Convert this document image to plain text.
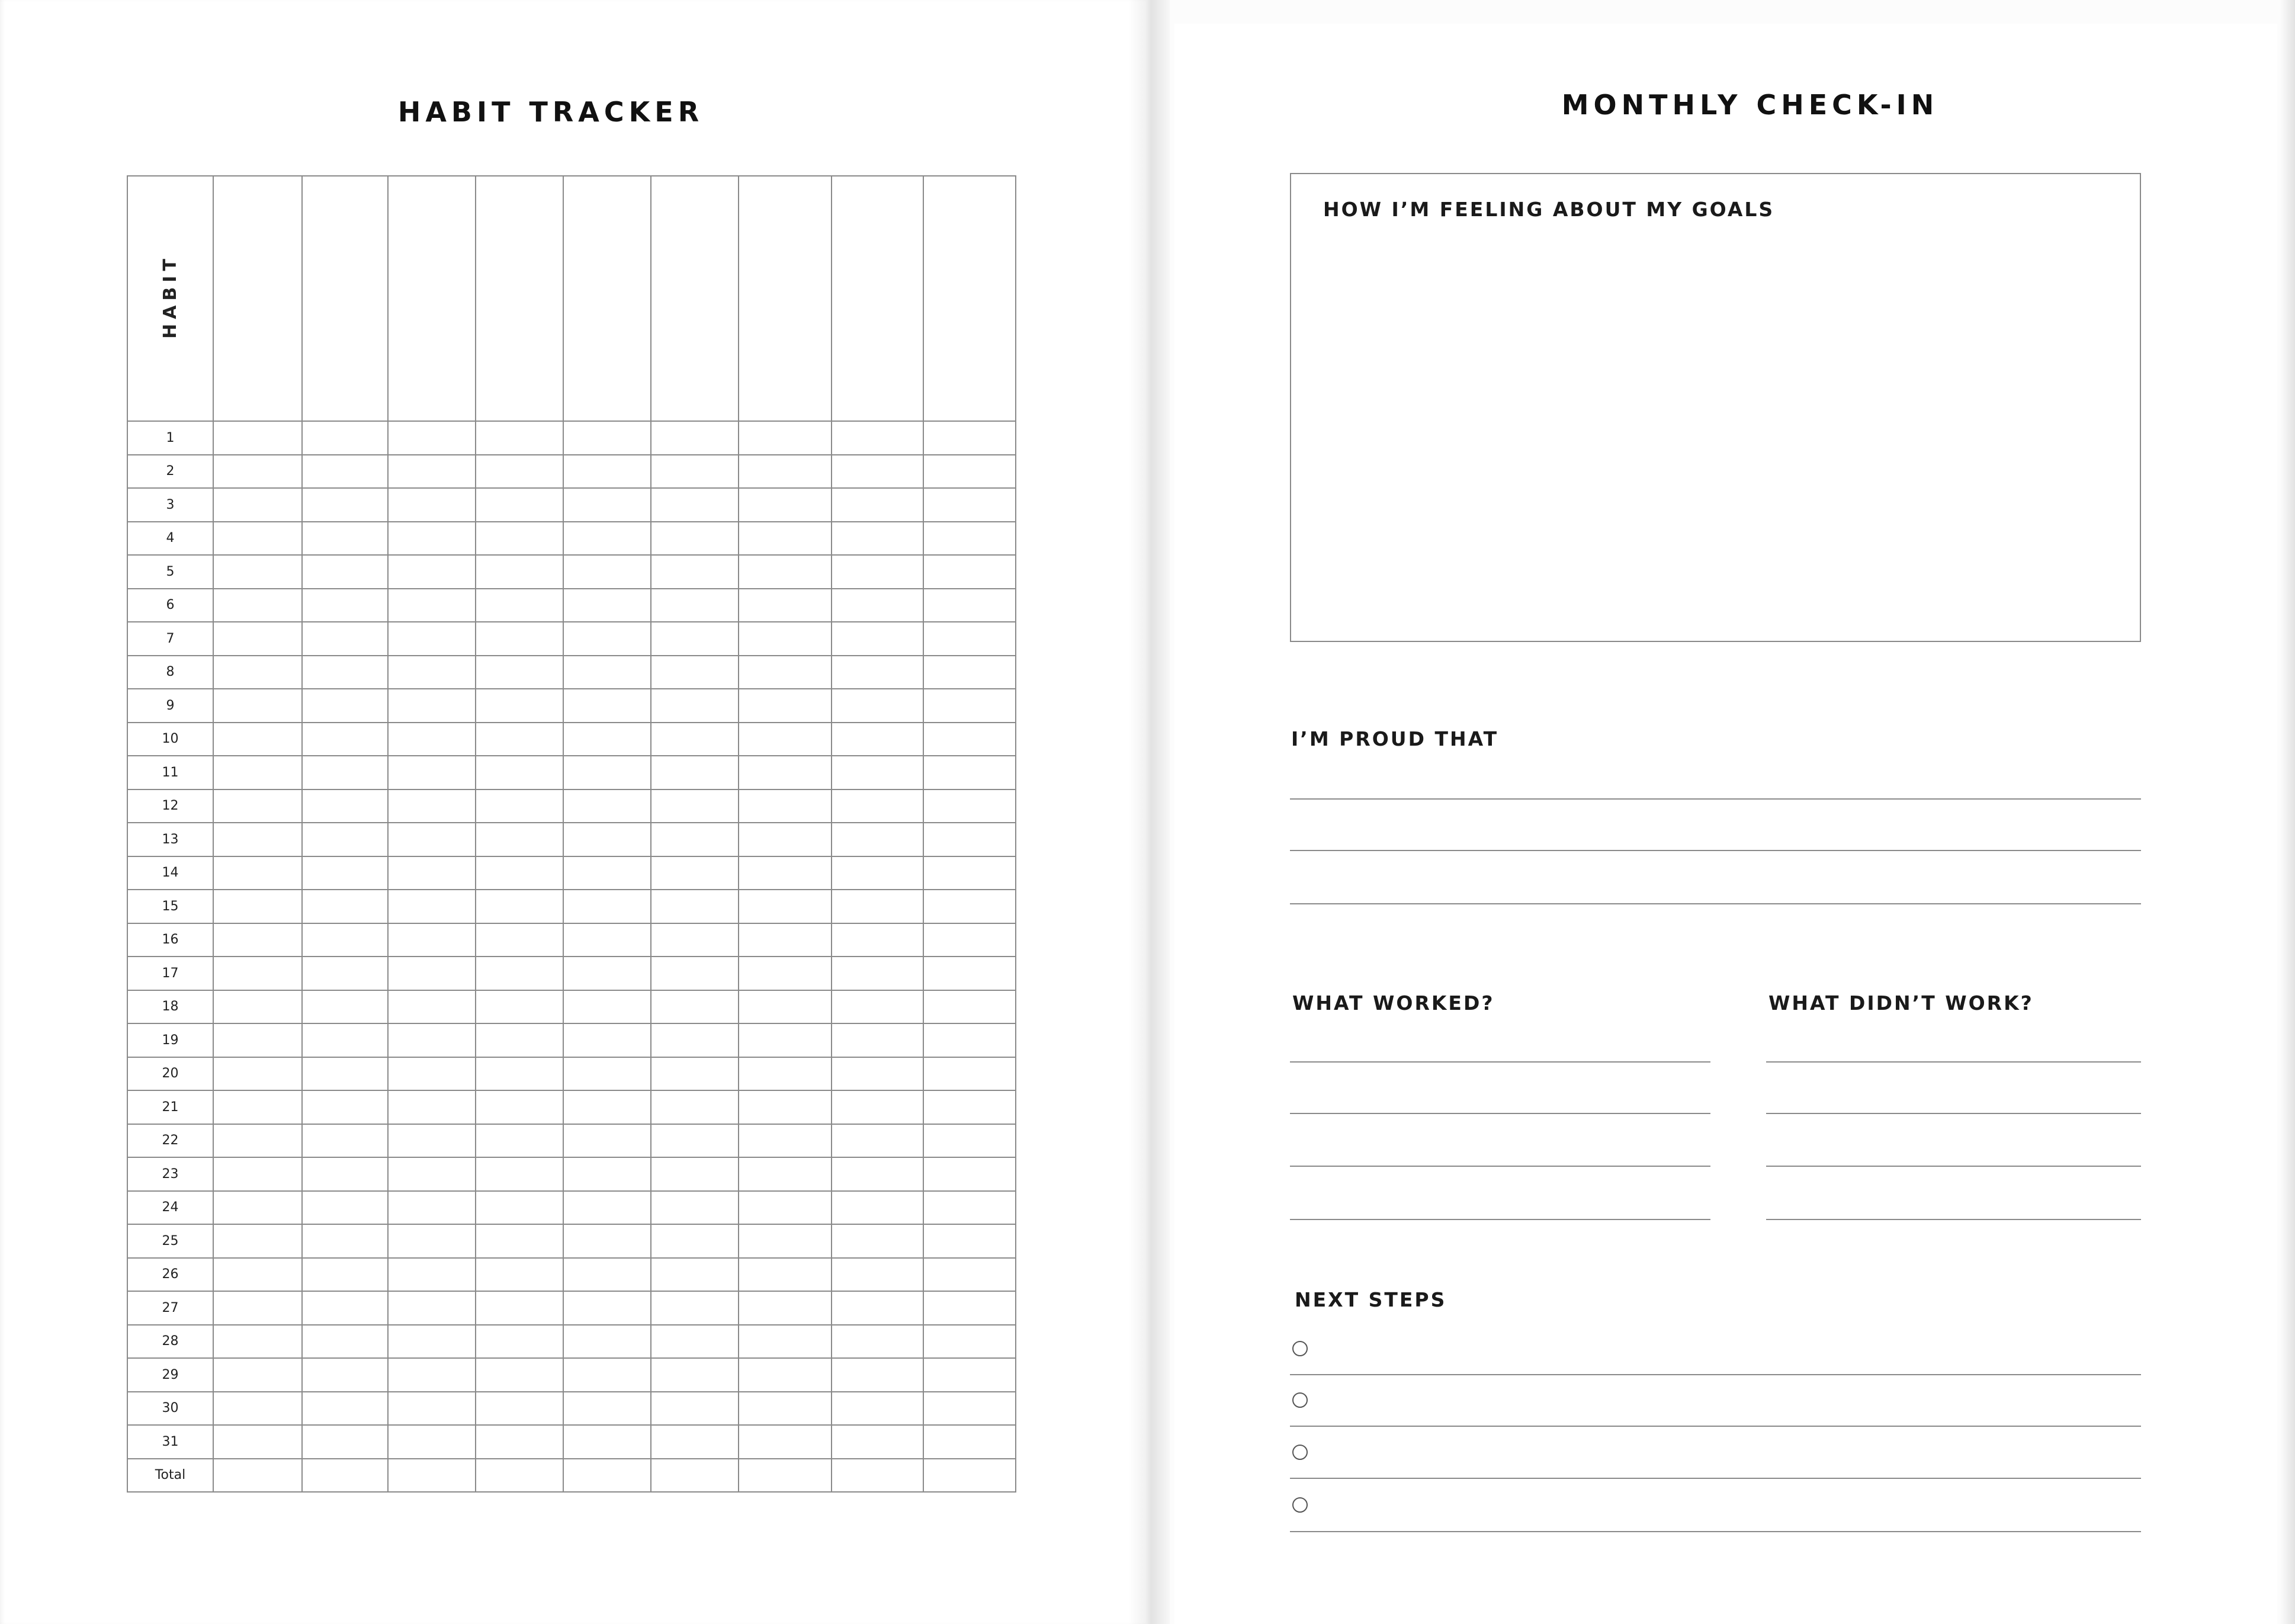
HABIT TRACKER
HABIT									

1									
2									
3									
4									
5									
6									
7									
8									
9									
10									
11									
12									
13									
14									
15									
16									
17									
18									
19									
20									
21									
22									
23									
24									
25									
26									
27									
28									
29									
30									
31									
Total									
MONTHLY CHECK-IN
HOW I’M FEELING ABOUT MY GOALS
I’M PROUD THAT
WHAT WORKED?	WHAT DIDN’T WORK?
NEXT STEPS
